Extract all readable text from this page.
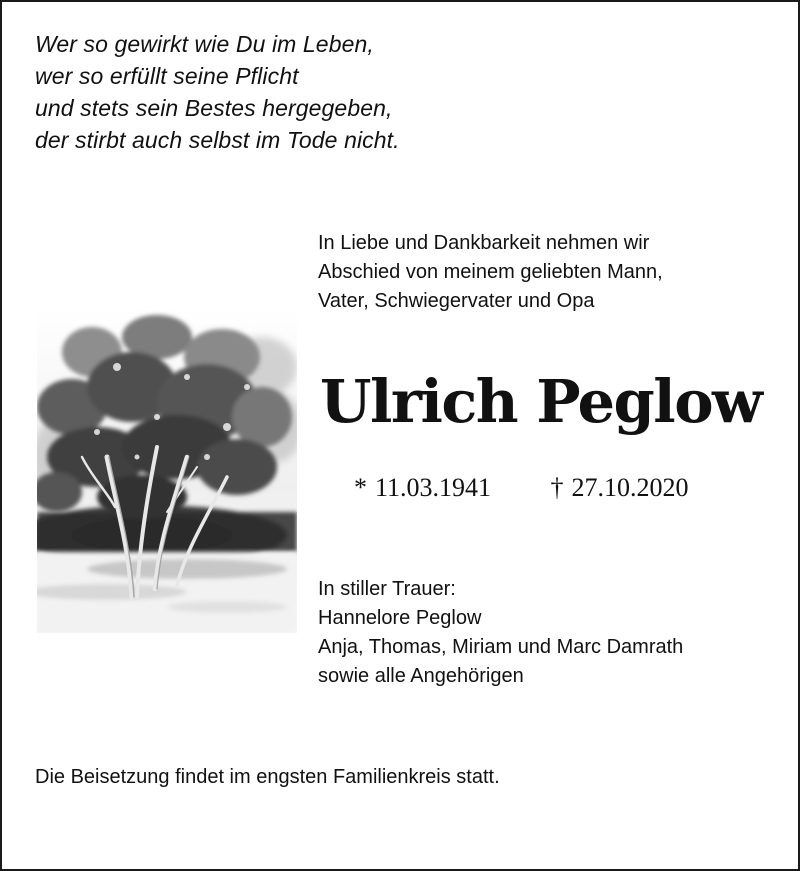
Wer so gewirkt wie Du im Leben,
wer so erfüllt seine Pflicht
und stets sein Bestes hergegeben,
der stirbt auch selbst im Tode nicht.

In Liebe und Dankbarkeit nehmen wir
Abschied von meinem geliebten Mann,
Vater, Schwiegervater und Opa

Ulrich Peglow
* 11.03.1941 † 27.10.2020

In stiller Trauer:
Hannelore Peglow
Anja, Thomas, Miriam und Marc Damrath
sowie alle Angehörigen

Die Beisetzung findet im engsten Familienkreis statt.
